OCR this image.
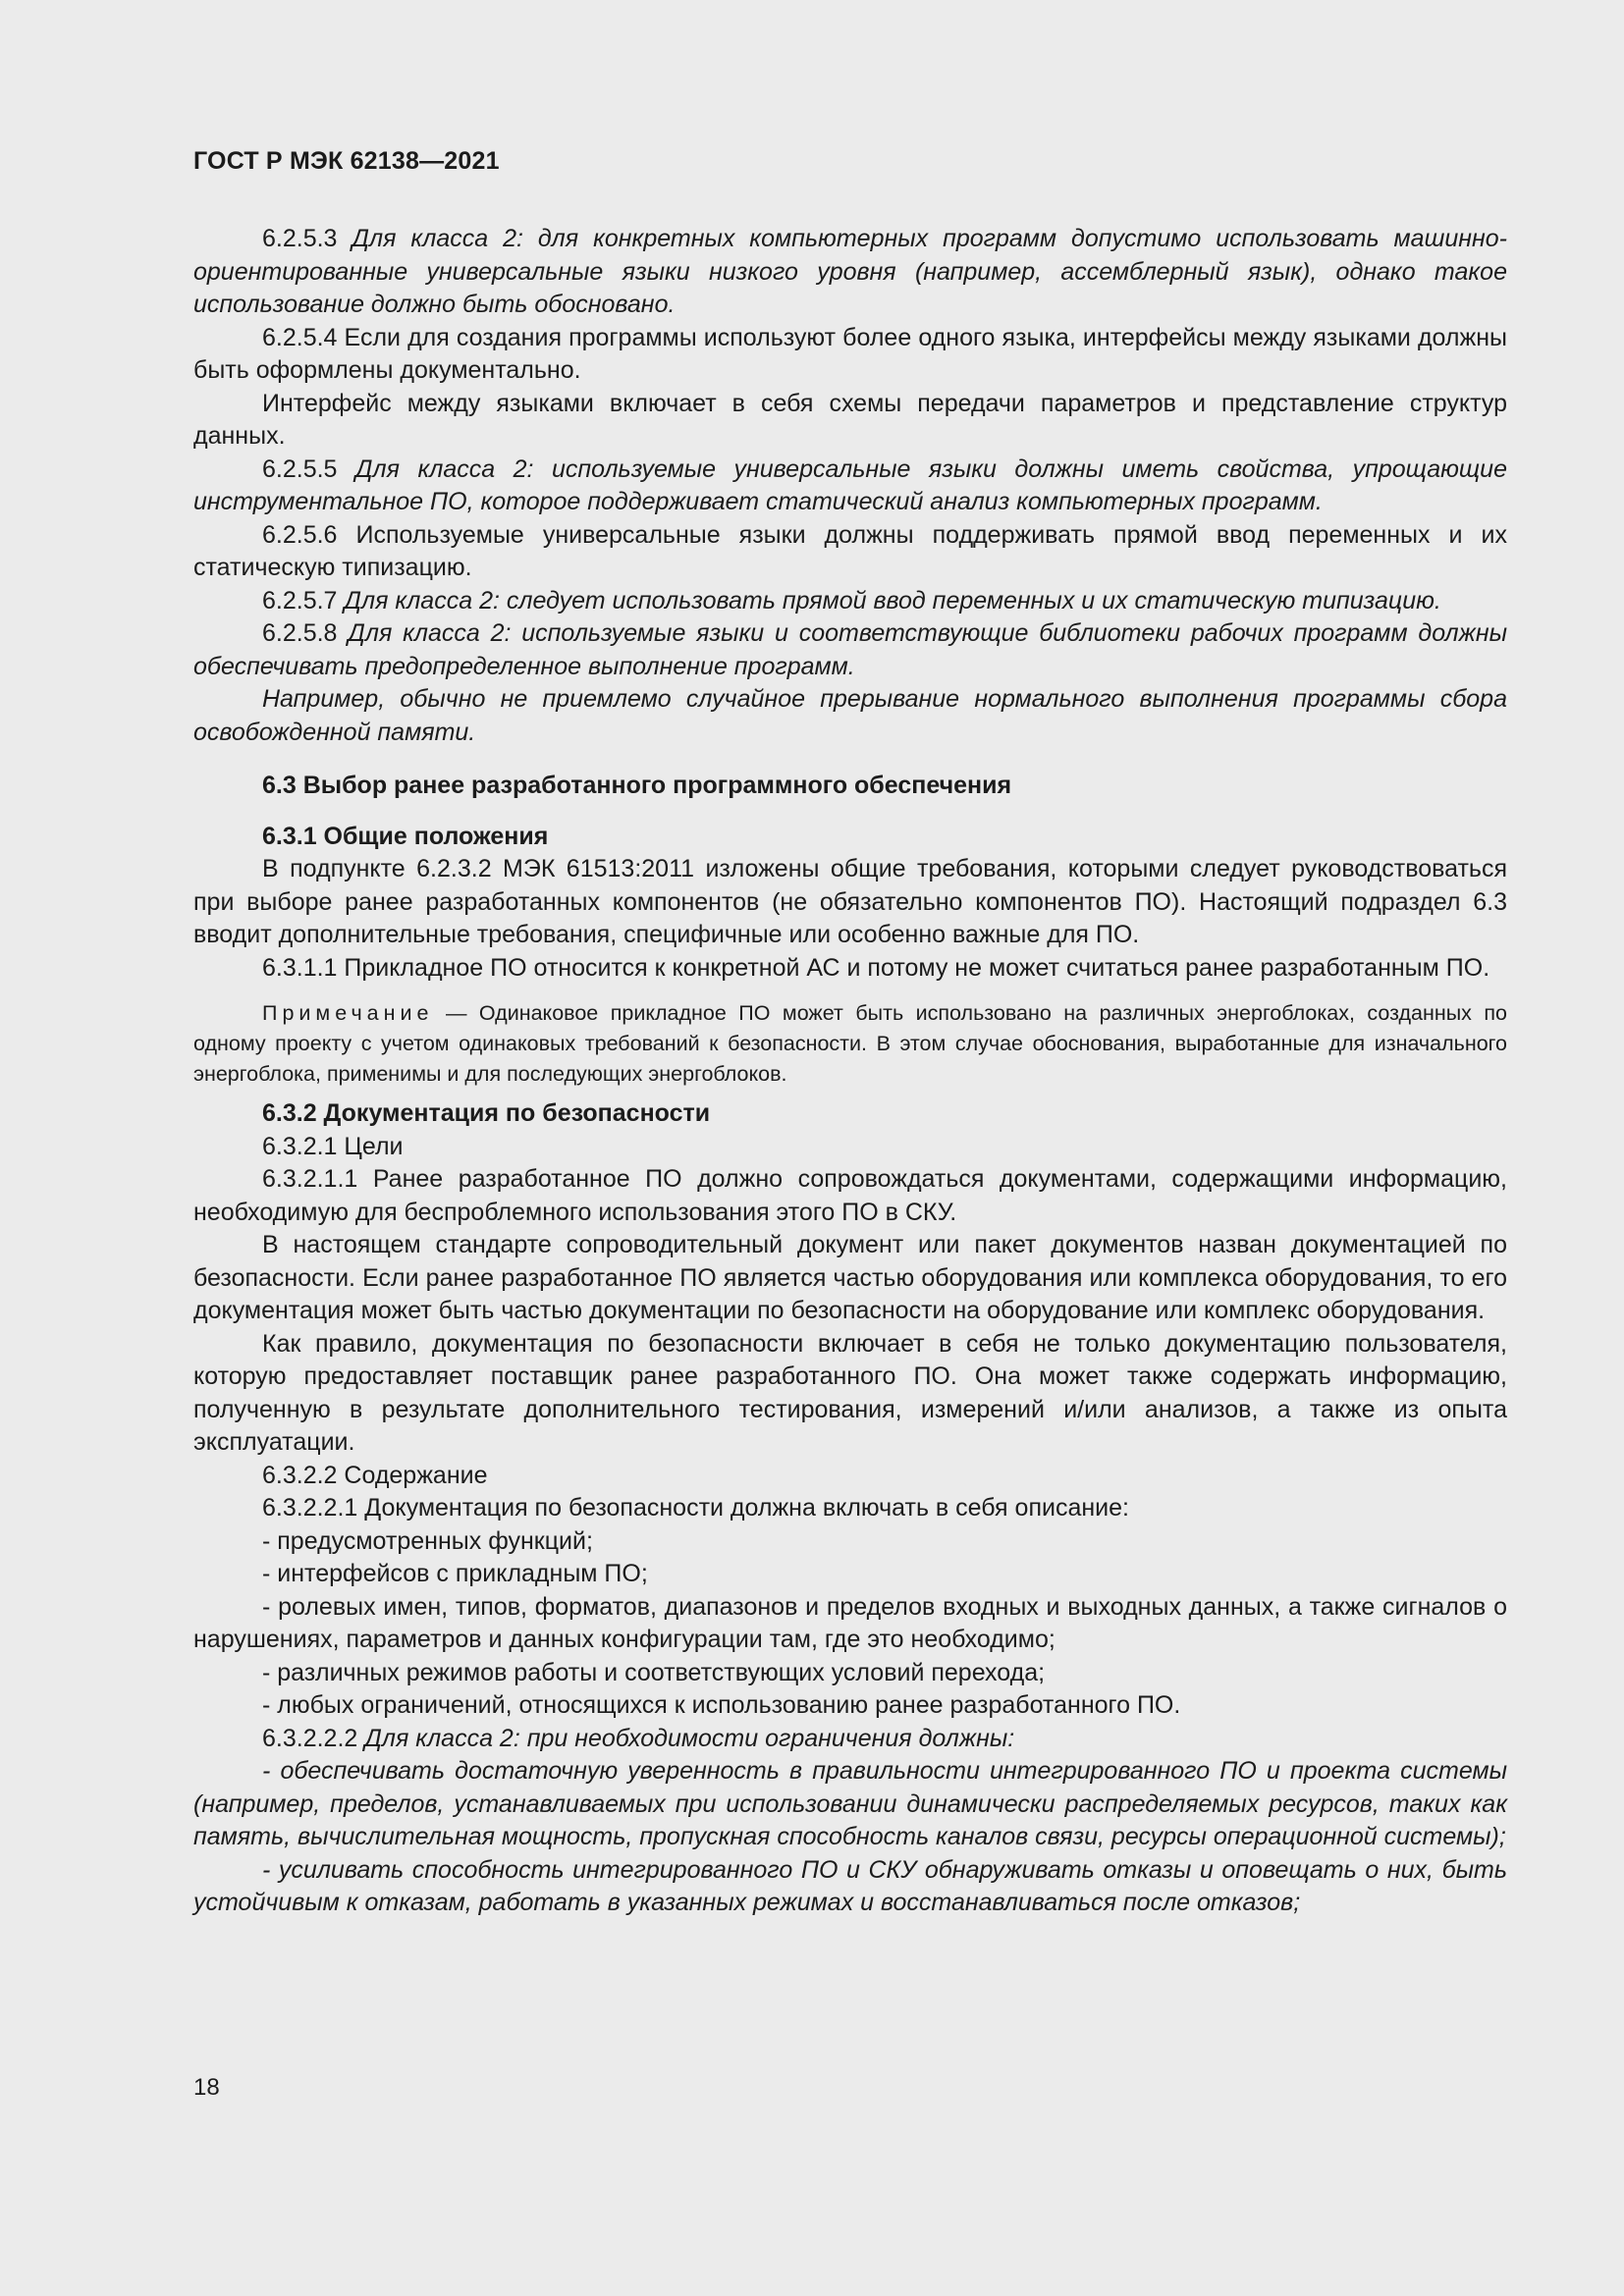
ГОСТ Р МЭК 62138—2021

6.2.5.3 Для класса 2: для конкретных компьютерных программ допустимо использовать машинно-ориентированные универсальные языки низкого уровня (например, ассемблерный язык), однако такое использование должно быть обосновано.

6.2.5.4 Если для создания программы используют более одного языка, интерфейсы между языками должны быть оформлены документально.

Интерфейс между языками включает в себя схемы передачи параметров и представление структур данных.

6.2.5.5 Для класса 2: используемые универсальные языки должны иметь свойства, упрощающие инструментальное ПО, которое поддерживает статический анализ компьютерных программ.

6.2.5.6 Используемые универсальные языки должны поддерживать прямой ввод переменных и их статическую типизацию.

6.2.5.7 Для класса 2: следует использовать прямой ввод переменных и их статическую типизацию.

6.2.5.8 Для класса 2: используемые языки и соответствующие библиотеки рабочих программ должны обеспечивать предопределенное выполнение программ.

Например, обычно не приемлемо случайное прерывание нормального выполнения программы сбора освобожденной памяти.

6.3 Выбор ранее разработанного программного обеспечения

6.3.1 Общие положения

В подпункте 6.2.3.2 МЭК 61513:2011 изложены общие требования, которыми следует руководствоваться при выборе ранее разработанных компонентов (не обязательно компонентов ПО). Настоящий подраздел 6.3 вводит дополнительные требования, специфичные или особенно важные для ПО.

6.3.1.1 Прикладное ПО относится к конкретной АС и потому не может считаться ранее разработанным ПО.

Примечание — Одинаковое прикладное ПО может быть использовано на различных энергоблоках, созданных по одному проекту с учетом одинаковых требований к безопасности. В этом случае обоснования, выработанные для изначального энергоблока, применимы и для последующих энергоблоков.

6.3.2 Документация по безопасности

6.3.2.1 Цели

6.3.2.1.1 Ранее разработанное ПО должно сопровождаться документами, содержащими информацию, необходимую для беспроблемного использования этого ПО в СКУ.

В настоящем стандарте сопроводительный документ или пакет документов назван документацией по безопасности. Если ранее разработанное ПО является частью оборудования или комплекса оборудования, то его документация может быть частью документации по безопасности на оборудование или комплекс оборудования.

Как правило, документация по безопасности включает в себя не только документацию пользователя, которую предоставляет поставщик ранее разработанного ПО. Она может также содержать информацию, полученную в результате дополнительного тестирования, измерений и/или анализов, а также из опыта эксплуатации.

6.3.2.2 Содержание

6.3.2.2.1 Документация по безопасности должна включать в себя описание:

- предусмотренных функций;

- интерфейсов с прикладным ПО;

- ролевых имен, типов, форматов, диапазонов и пределов входных и выходных данных, а также сигналов о нарушениях, параметров и данных конфигурации там, где это необходимо;

- различных режимов работы и соответствующих условий перехода;

- любых ограничений, относящихся к использованию ранее разработанного ПО.

6.3.2.2.2 Для класса 2: при необходимости ограничения должны:

- обеспечивать достаточную уверенность в правильности интегрированного ПО и проекта системы (например, пределов, устанавливаемых при использовании динамически распределяемых ресурсов, таких как память, вычислительная мощность, пропускная способность каналов связи, ресурсы операционной системы);

- усиливать способность интегрированного ПО и СКУ обнаруживать отказы и оповещать о них, быть устойчивым к отказам, работать в указанных режимах и восстанавливаться после отказов;

18
